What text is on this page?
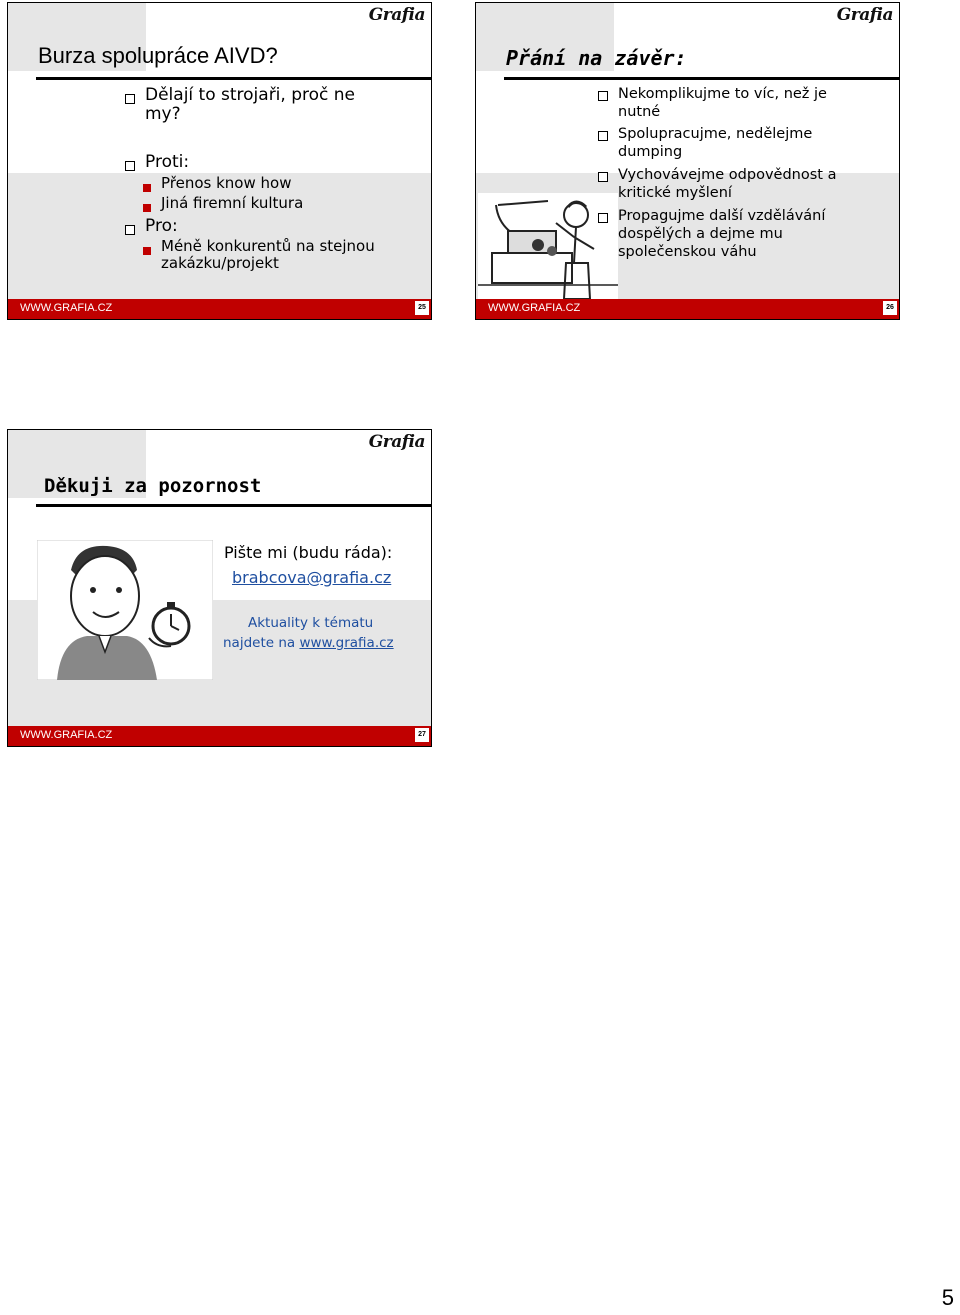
Grafia
Burza spolupráce AIVD?
Dělají to strojaři, proč ne my?
Proti:
Přenos know how
Jiná firemní kultura
Pro:
Méně konkurentů na stejnou zakázku/projekt
WWW.GRAFIA.CZ	25
Grafia
Přání na závěr:
Nekomplikujme to víc, než je nutné
Spolupracujme, nedělejme dumping
Vychovávejme odpovědnost a kritické myšlení
Propagujme další vzdělávání dospělých a dejme mu společenskou váhu
WWW.GRAFIA.CZ	26
Grafia
Děkuji za pozornost
Pište mi (budu ráda):
brabcova@grafia.cz
Aktuality k tématu
najdete na www.grafia.cz
WWW.GRAFIA.CZ	27
5
